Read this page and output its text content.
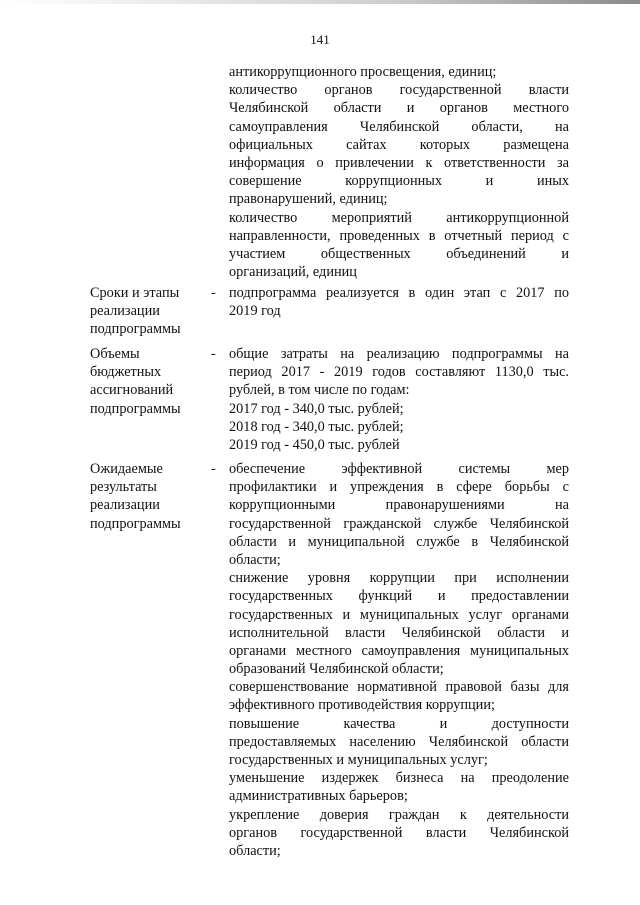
141
антикоррупционного просвещения, единиц;
количество органов государственной власти
Челябинской области и органов местного
самоуправления Челябинской области, на
официальных сайтах которых размещена
информация о привлечении к ответственности за
совершение коррупционных и иных
правонарушений, единиц;
количество мероприятий антикоррупционной
направленности, проведенных в отчетный период с
участием общественных объединений и
организаций, единиц
Сроки и этапы
реализации
подпрограммы
- подпрограмма реализуется в один этап с 2017 по
2019 год
Объемы
бюджетных
ассигнований
подпрограммы
- общие затраты на реализацию подпрограммы на
период 2017 - 2019 годов составляют 1130,0 тыс.
рублей, в том числе по годам:
2017 год - 340,0 тыс. рублей;
2018 год - 340,0 тыс. рублей;
2019 год - 450,0 тыс. рублей
Ожидаемые
результаты
реализации
подпрограммы
- обеспечение эффективной системы мер
профилактики и упреждения в сфере борьбы с
коррупционными правонарушениями на
государственной гражданской службе Челябинской
области и муниципальной службе в Челябинской
области;
снижение уровня коррупции при исполнении
государственных функций и предоставлении
государственных и муниципальных услуг органами
исполнительной власти Челябинской области и
органами местного самоуправления муниципальных
образований Челябинской области;
совершенствование нормативной правовой базы для
эффективного противодействия коррупции;
повышение качества и доступности
предоставляемых населению Челябинской области
государственных и муниципальных услуг;
уменьшение издержек бизнеса на преодоление
административных барьеров;
укрепление доверия граждан к деятельности
органов государственной власти Челябинской
области;
